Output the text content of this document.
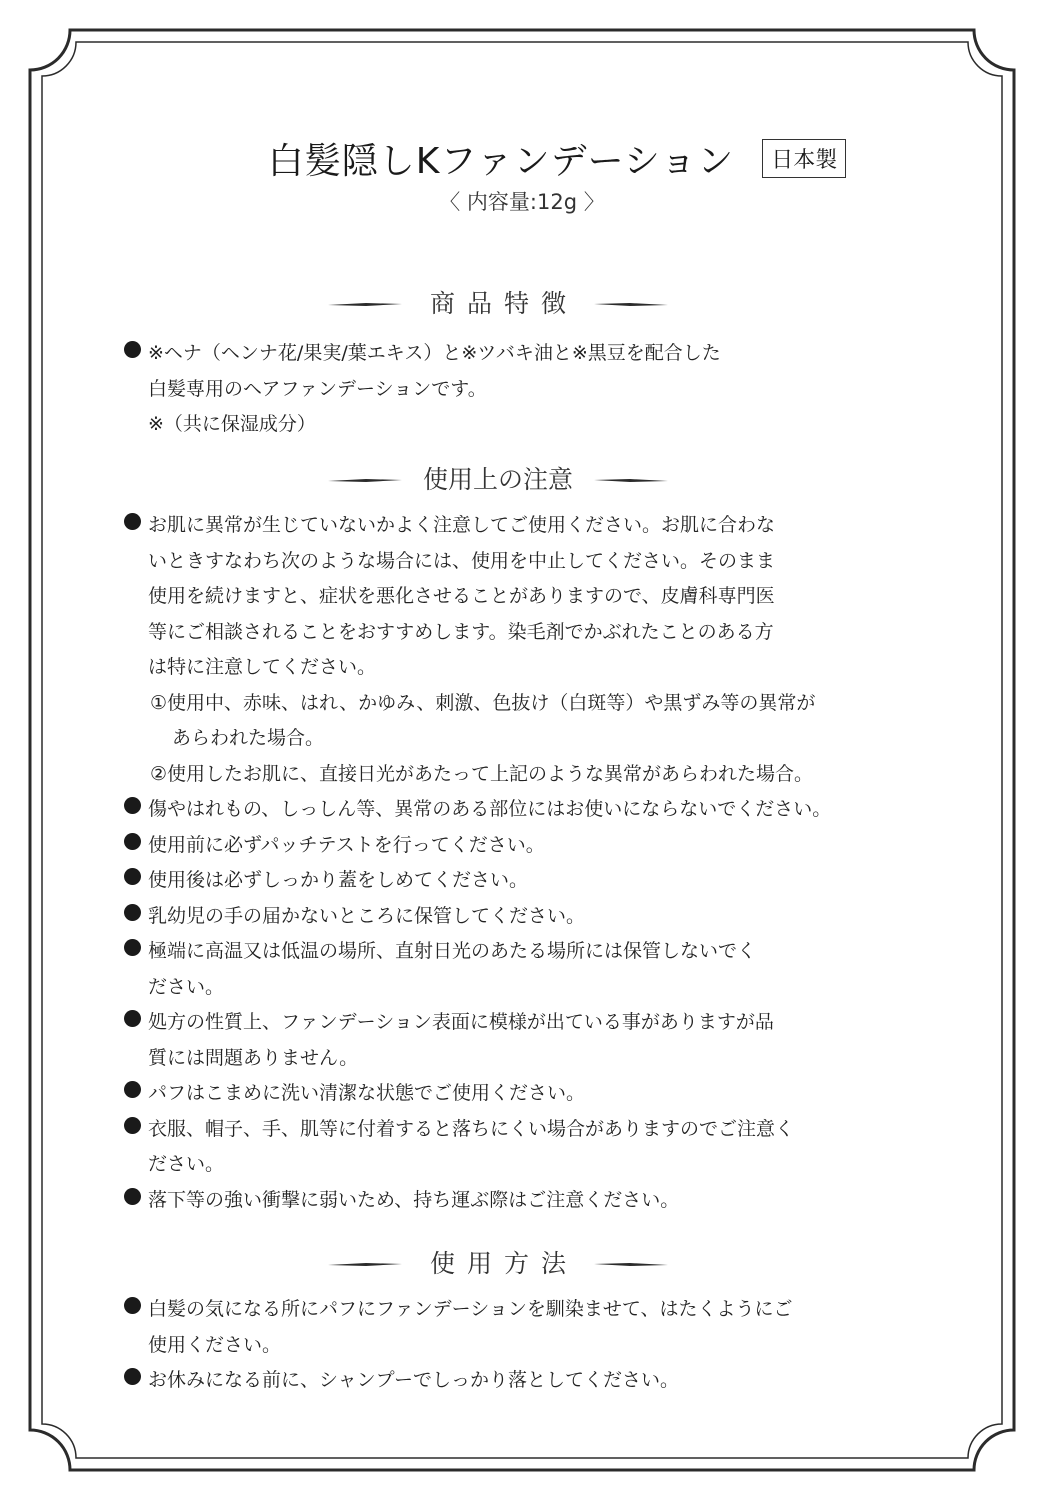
白髪隠しKファンデーション	日本製
〈 内容量:12g 〉
商品特徴
※ヘナ（ヘンナ花/果実/葉エキス）と※ツバキ油と※黒豆を配合した
白髪専用のヘアファンデーションです。
※（共に保湿成分）
使用上の注意
お肌に異常が生じていないかよく注意してご使用ください。お肌に合わな
いときすなわち次のような場合には、使用を中止してください。そのまま
使用を続けますと、症状を悪化させることがありますので、皮膚科専門医
等にご相談されることをおすすめします。染毛剤でかぶれたことのある方
は特に注意してください。
①使用中、赤味、はれ、かゆみ、刺激、色抜け（白斑等）や黒ずみ等の異常が
あらわれた場合。
②使用したお肌に、直接日光があたって上記のような異常があらわれた場合。
傷やはれもの、しっしん等、異常のある部位にはお使いにならないでください。
使用前に必ずパッチテストを行ってください。
使用後は必ずしっかり蓋をしめてください。
乳幼児の手の届かないところに保管してください。
極端に高温又は低温の場所、直射日光のあたる場所には保管しないでく
ださい。
処方の性質上、ファンデーション表面に模様が出ている事がありますが品
質には問題ありません。
パフはこまめに洗い清潔な状態でご使用ください。
衣服、帽子、手、肌等に付着すると落ちにくい場合がありますのでご注意く
ださい。
落下等の強い衝撃に弱いため、持ち運ぶ際はご注意ください。
使用方法
白髪の気になる所にパフにファンデーションを馴染ませて、はたくようにご
使用ください。
お休みになる前に、シャンプーでしっかり落としてください。
